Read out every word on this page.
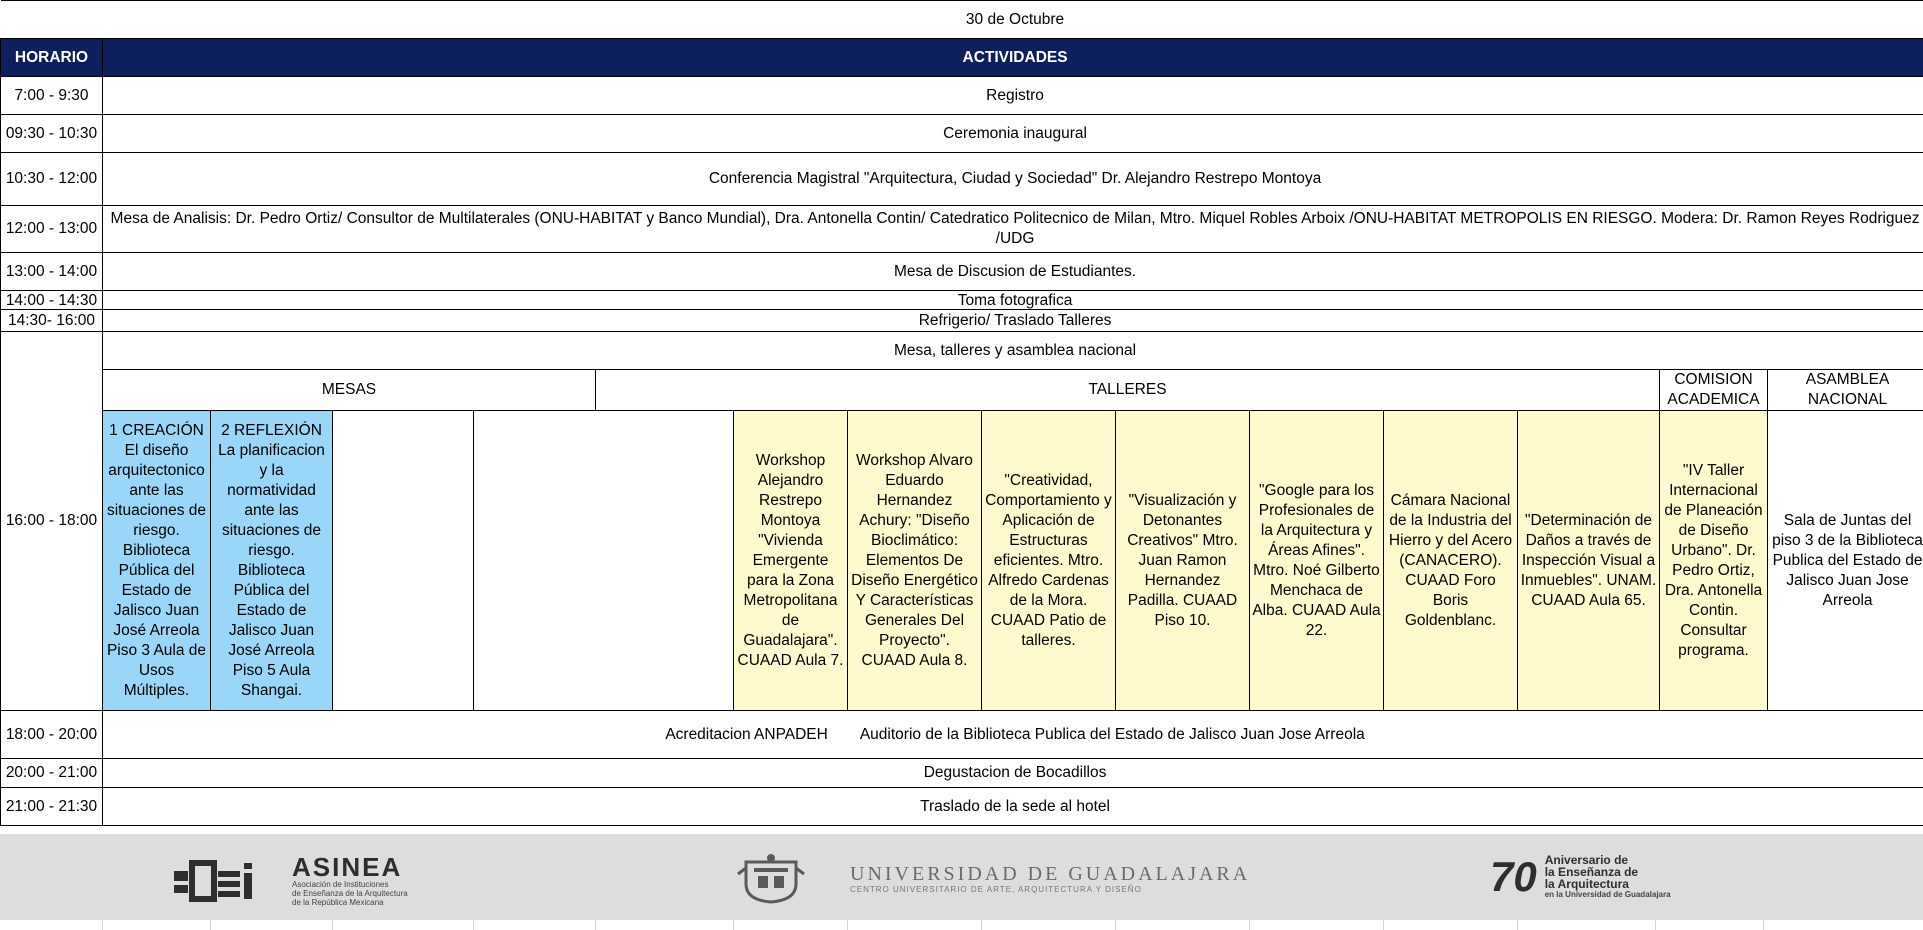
	30 de Octubre														
HORARIO	ACTIVIDADES														
7:00 - 9:30	Registro														
09:30 - 10:30	Ceremonia inaugural														
10:30 - 12:00	Conferencia Magistral "Arquitectura, Ciudad y Sociedad" Dr. Alejandro Restrepo Montoya														
12:00 - 13:00	Mesa de Analisis: Dr. Pedro Ortiz/ Consultor de Multilaterales (ONU-HABITAT y Banco Mundial), Dra. Antonella Contin/ Catedratico Politecnico de Milan, Mtro. Miquel Robles Arboix /ONU-HABITAT METROPOLIS EN RIESGO. Modera: Dr. Ramon Reyes Rodriguez /UDG														
13:00 - 14:00	Mesa de Discusion de Estudiantes.														
14:00 - 14:30	Toma fotografica														
14:30- 16:00	Refrigerio/ Traslado Talleres														
16:00 - 18:00	Mesa, talleres y asamblea nacional														
	MESAS				TALLERES								COMISION ACADEMICA	ASAMBLEA NACIONAL	
	1 CREACIÓN El diseño arquitectonico ante las situaciones de riesgo. Biblioteca Pública del Estado de Jalisco Juan José Arreola Piso 3 Aula de Usos Múltiples.	2 REFLEXIÓN La planificacion y la normatividad ante las situaciones de riesgo. Biblioteca Pública del Estado de Jalisco Juan José Arreola Piso 5 Aula Shangai.				Workshop Alejandro Restrepo Montoya "Vivienda Emergente para la Zona Metropolitana de Guadalajara". CUAAD Aula 7.	Workshop Alvaro Eduardo Hernandez Achury: "Diseño Bioclimático: Elementos De Diseño Energético Y Características Generales Del Proyecto". CUAAD Aula 8.	"Creatividad, Comportamiento y Aplicación de Estructuras eficientes. Mtro. Alfredo Cardenas de la Mora. CUAAD Patio de talleres.	"Visualización y Detonantes Creativos" Mtro. Juan Ramon Hernandez Padilla. CUAAD Piso 10.	"Google para los Profesionales de la Arquitectura y Áreas Afines". Mtro. Noé Gilberto Menchaca de Alba. CUAAD Aula 22.	Cámara Nacional de la Industria del Hierro y del Acero (CANACERO). CUAAD Foro Boris Goldenblanc.	"Determinación de Daños a través de Inspección Visual a Inmuebles". UNAM. CUAAD Aula 65.	"IV Taller Internacional de Planeación de Diseño Urbano". Dr. Pedro Ortiz, Dra. Antonella Contin. Consultar programa.	Sala de Juntas del piso 3 de la Biblioteca Publica del Estado de Jalisco Juan Jose Arreola	
18:00 - 20:00	Acreditacion ANPADEH Auditorio de la Biblioteca Publica del Estado de Jalisco Juan Jose Arreola														
20:00 - 21:00	Degustacion de Bocadillos														
21:00 - 21:30	Traslado de la sede al hotel														
ASINEA
Asociación de Instituciones
de Enseñanza de la Arquitectura
de la República Mexicana
UNIVERSIDAD DE GUADALAJARA
CENTRO UNIVERSITARIO DE ARTE, ARQUITECTURA Y DISEÑO	70 Aniversario de
la Enseñanza de
la Arquitectura
en la Universidad de Guadalajara
